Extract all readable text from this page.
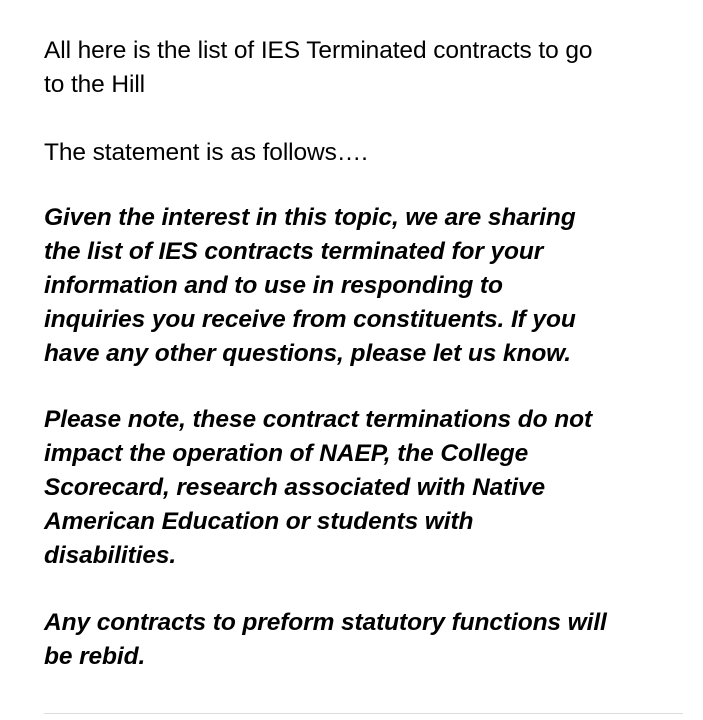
All here is the list of IES Terminated contracts to go
to the Hill

The statement is as follows….

Given the interest in this topic, we are sharing
the list of IES contracts terminated for your
information and to use in responding to
inquiries you receive from constituents. If you
have any other questions, please let us know.

Please note, these contract terminations do not
impact the operation of NAEP, the College
Scorecard, research associated with Native
American Education or students with
disabilities.

Any contracts to preform statutory functions will
be rebid.
